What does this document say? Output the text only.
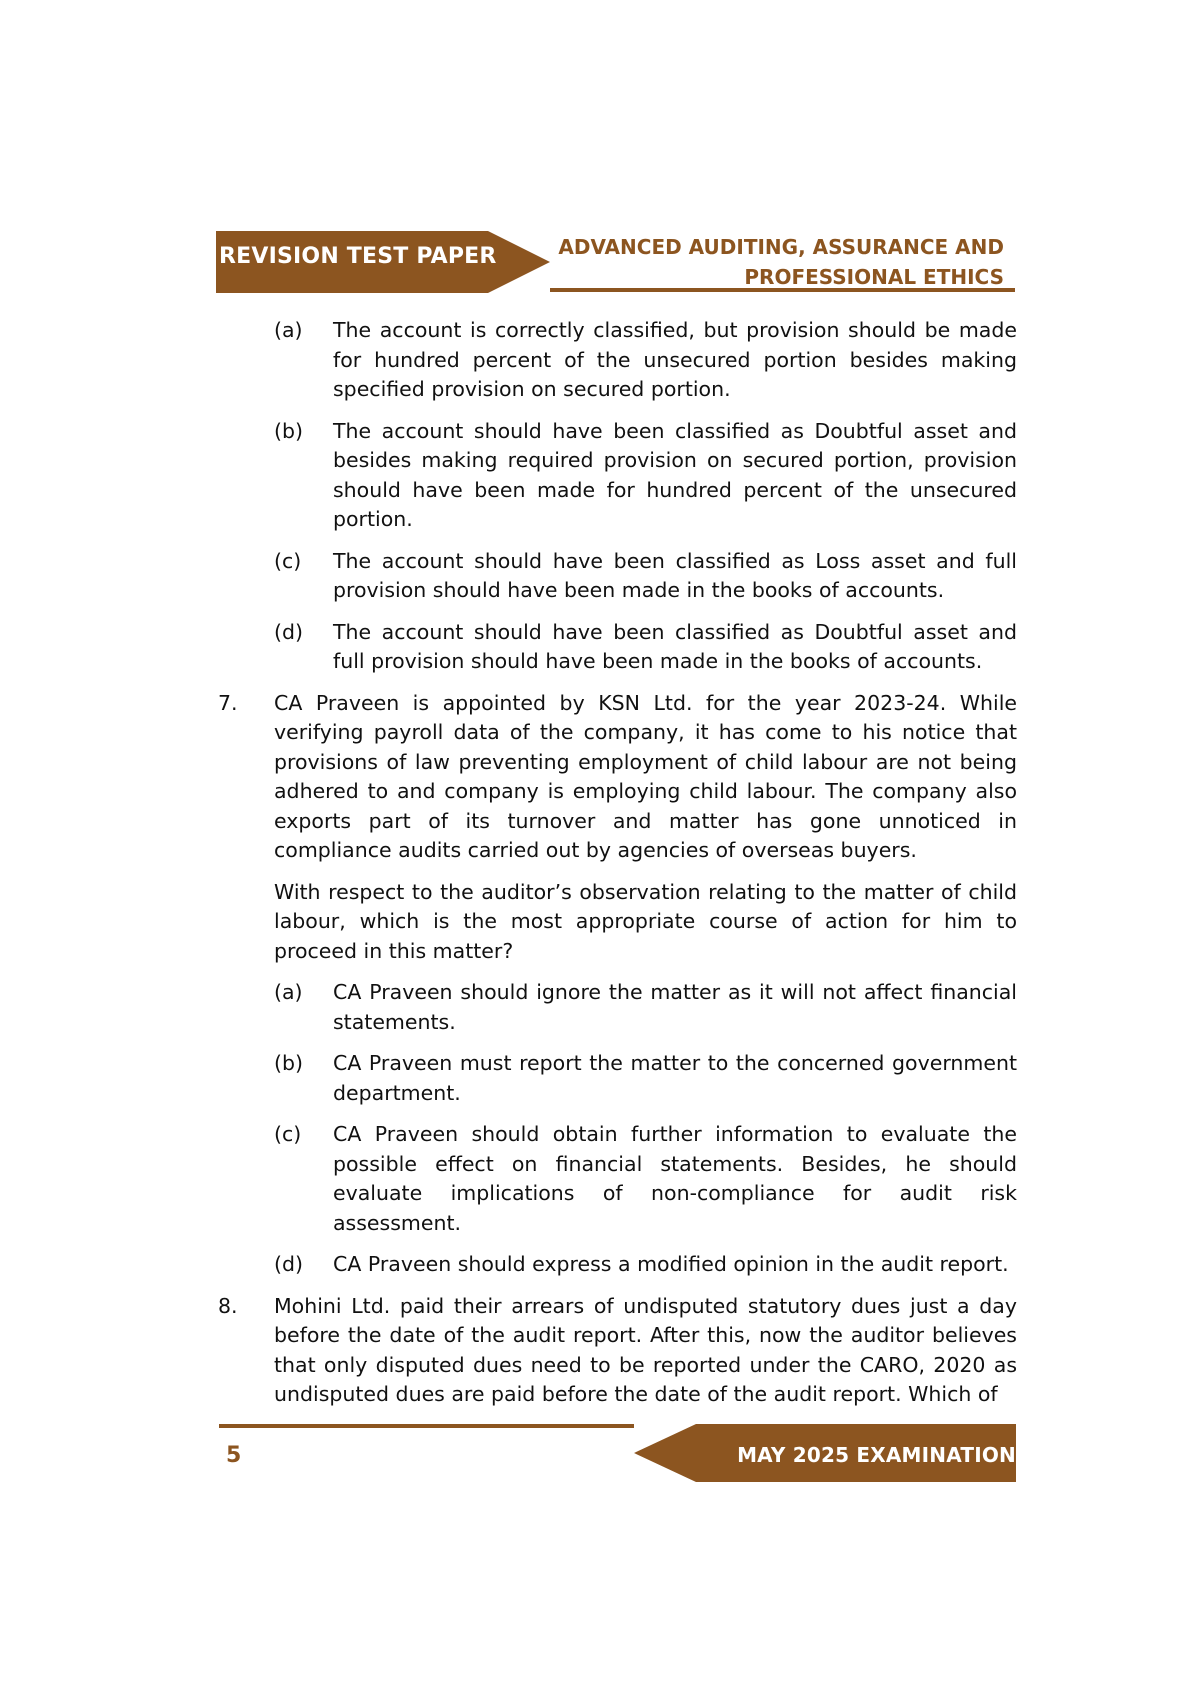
REVISION TEST PAPER	ADVANCED AUDITING, ASSURANCE AND
PROFESSIONAL ETHICS
(a) The account is correctly classified, but provision should be made for hundred percent of the unsecured portion besides making specified provision on secured portion.

(b) The account should have been classified as Doubtful asset and besides making required provision on secured portion, provision should have been made for hundred percent of the unsecured portion.

(c) The account should have been classified as Loss asset and full provision should have been made in the books of accounts.

(d) The account should have been classified as Doubtful asset and full provision should have been made in the books of accounts.

7. CA Praveen is appointed by KSN Ltd. for the year 2023-24. While verifying payroll data of the company, it has come to his notice that provisions of law preventing employment of child labour are not being adhered to and company is employing child labour. The company also exports part of its turnover and matter has gone unnoticed in compliance audits carried out by agencies of overseas buyers.

With respect to the auditor’s observation relating to the matter of child labour, which is the most appropriate course of action for him to proceed in this matter?

(a) CA Praveen should ignore the matter as it will not affect financial statements.

(b) CA Praveen must report the matter to the concerned government department.

(c) CA Praveen should obtain further information to evaluate the possible effect on financial statements. Besides, he should evaluate implications of non-compliance for audit risk assessment.

(d) CA Praveen should express a modified opinion in the audit report.

8. Mohini Ltd. paid their arrears of undisputed statutory dues just a day before the date of the audit report. After this, now the auditor believes that only disputed dues need to be reported under the CARO, 2020 as undisputed dues are paid before the date of the audit report. Which of

5	MAY 2025 EXAMINATION
